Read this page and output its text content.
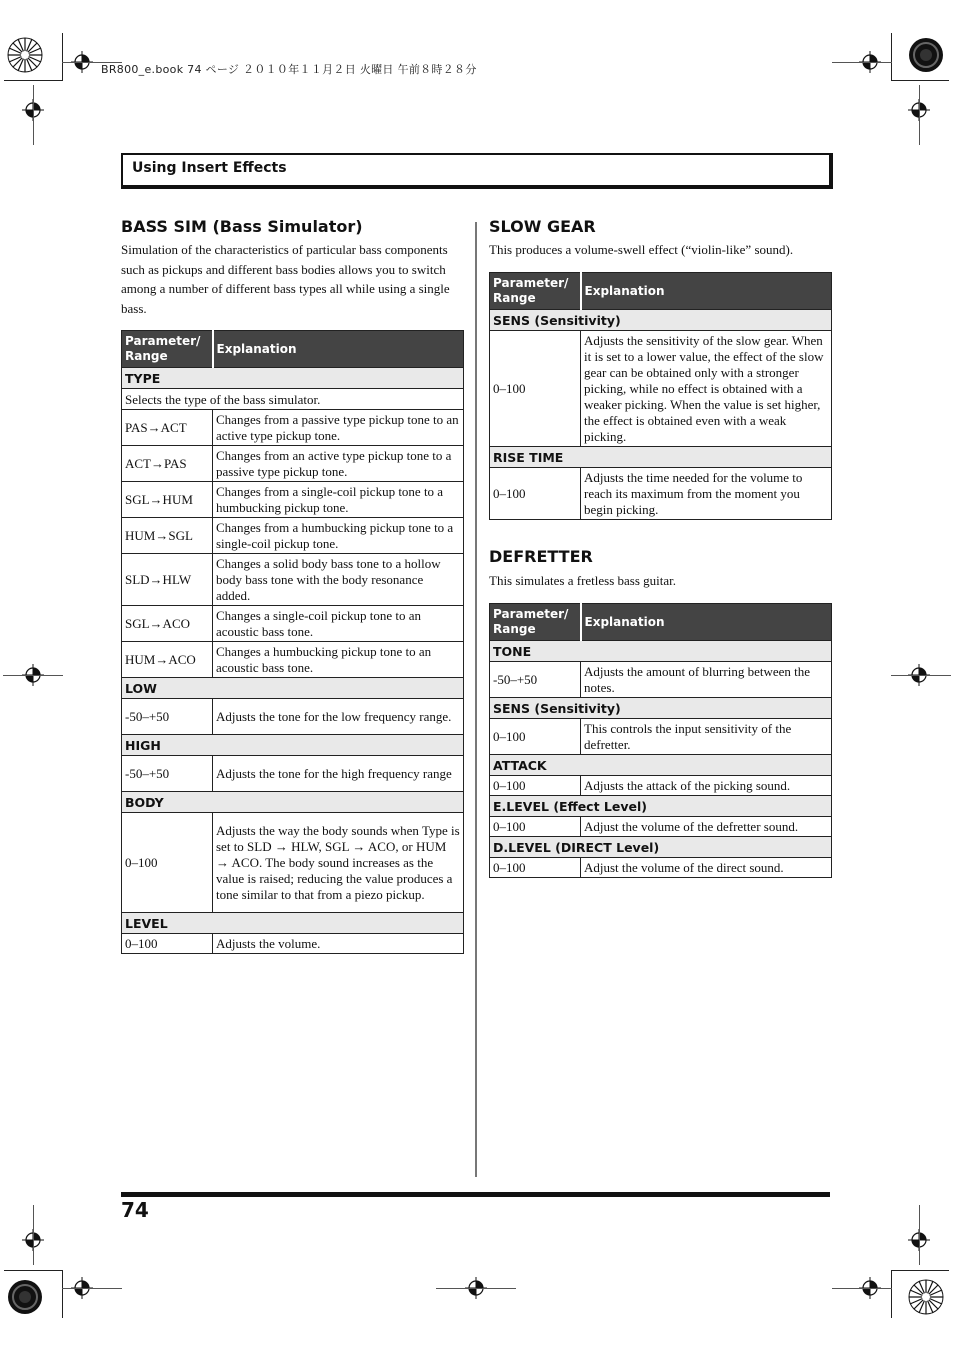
BR800_e.book 74 ページ ２０１０年１１月２日 火曜日 午前８時２８分
Using Insert Effects
BASS SIM (Bass Simulator)
Simulation of the characteristics of particular bass components such as pickups and different bass bodies allows you to switch among a number of different bass types all while using a single bass.
Parameter/ Range	Explanation
TYPE	
Selects the type of the bass simulator.	
PAS→ACT	Changes from a passive type pickup tone to an active type pickup tone.
ACT→PAS	Changes from an active type pickup tone to a passive type pickup tone.
SGL→HUM	Changes from a single-coil pickup tone to a humbucking pickup tone.
HUM→SGL	Changes from a humbucking pickup tone to a single-coil pickup tone.
SLD→HLW	Changes a solid body bass tone to a hollow body bass tone with the body resonance added.
SGL→ACO	Changes a single-coil pickup tone to an acoustic bass tone.
HUM→ACO	Changes a humbucking pickup tone to an acoustic bass tone.
LOW	
-50–+50	Adjusts the tone for the low frequency range.
HIGH	
-50–+50	Adjusts the tone for the high frequency range
BODY	
0–100	Adjusts the way the body sounds when Type is set to SLD → HLW, SGL → ACO, or HUM → ACO. The body sound increases as the value is raised; reducing the value produces a tone similar to that from a piezo pickup.
LEVEL	
0–100	Adjusts the volume.
SLOW GEAR
This produces a volume-swell effect (“violin-like” sound).
Parameter/ Range	Explanation
SENS (Sensitivity)	
0–100	Adjusts the sensitivity of the slow gear. When it is set to a lower value, the effect of the slow gear can be obtained only with a stronger picking, while no effect is obtained with a weaker picking. When the value is set higher, the effect is obtained even with a weak picking.
RISE TIME	
0–100	Adjusts the time needed for the volume to reach its maximum from the moment you begin picking.
DEFRETTER
This simulates a fretless bass guitar.
Parameter/ Range	Explanation
TONE	
-50–+50	Adjusts the amount of blurring between the notes.
SENS (Sensitivity)	
0–100	This controls the input sensitivity of the defretter.
ATTACK	
0–100	Adjusts the attack of the picking sound.
E.LEVEL (Effect Level)	
0–100	Adjust the volume of the defretter sound.
D.LEVEL (DIRECT Level)	
0–100	Adjust the volume of the direct sound.
74
